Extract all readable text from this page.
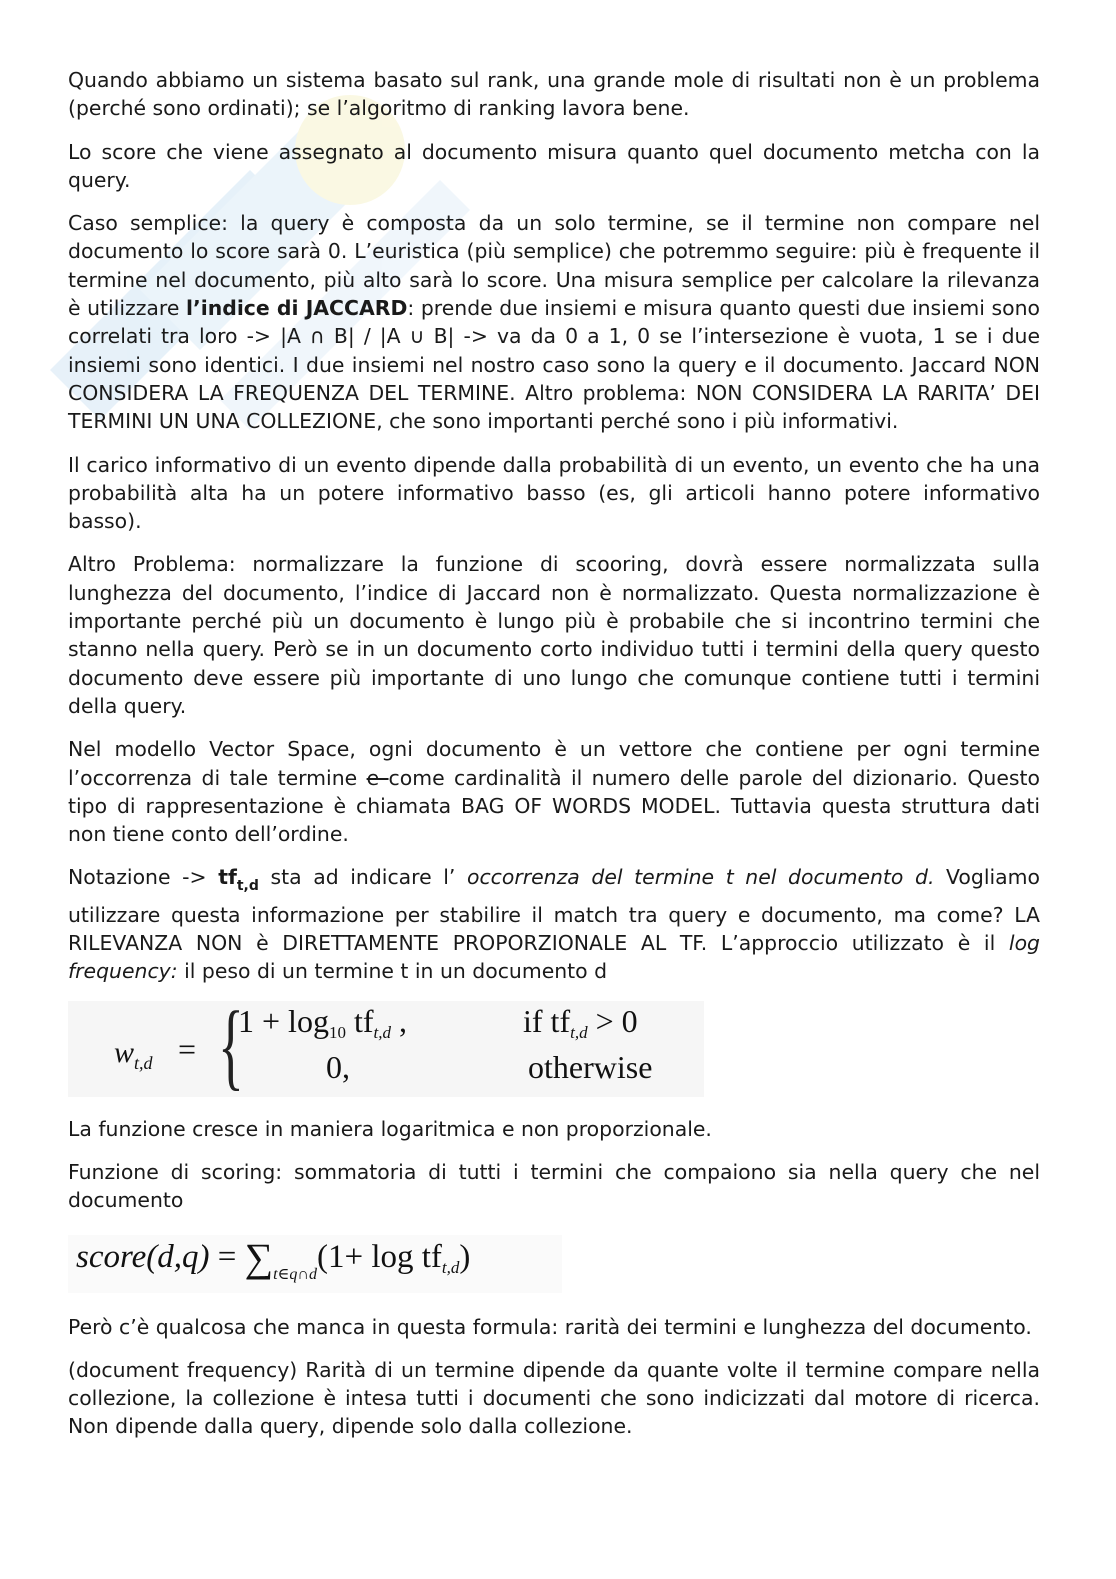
Quando abbiamo un sistema basato sul rank, una grande mole di risultati non è un problema (perché sono ordinati); se l’algoritmo di ranking lavora bene.

Lo score che viene assegnato al documento misura quanto quel documento metcha con la query.

Caso semplice: la query è composta da un solo termine, se il termine non compare nel documento lo score sarà 0. L’euristica (più semplice) che potremmo seguire: più è frequente il termine nel documento, più alto sarà lo score. Una misura semplice per calcolare la rilevanza è utilizzare l’indice di JACCARD: prende due insiemi e misura quanto questi due insiemi sono correlati tra loro -> |A ∩ B| / |A ∪ B| -> va da 0 a 1, 0 se l’intersezione è vuota, 1 se i due insiemi sono identici. I due insiemi nel nostro caso sono la query e il documento. Jaccard NON CONSIDERA LA FREQUENZA DEL TERMINE. Altro problema: NON CONSIDERA LA RARITA’ DEI TERMINI UN UNA COLLEZIONE, che sono importanti perché sono i più informativi.

Il carico informativo di un evento dipende dalla probabilità di un evento, un evento che ha una probabilità alta ha un potere informativo basso (es, gli articoli hanno potere informativo basso).

Altro Problema: normalizzare la funzione di scooring, dovrà essere normalizzata sulla lunghezza del documento, l’indice di Jaccard non è normalizzato. Questa normalizzazione è importante perché più un documento è lungo più è probabile che si incontrino termini che stanno nella query. Però se in un documento corto individuo tutti i termini della query questo documento deve essere più importante di uno lungo che comunque contiene tutti i termini della query.

Nel modello Vector Space, ogni documento è un vettore che contiene per ogni termine l’occorrenza di tale termine e come cardinalità il numero delle parole del dizionario. Questo tipo di rappresentazione è chiamata BAG OF WORDS MODEL. Tuttavia questa struttura dati non tiene conto dell’ordine.

Notazione -> $tf_{t,d}$ sta ad indicare l’ occorrenza del termine t nel documento d. Vogliamo utilizzare questa informazione per stabilire il match tra query e documento, ma come? LA RILEVANZA NON è DIRETTAMENTE PROPORZIONALE AL TF. L’approccio utilizzato è il log frequency: il peso di un termine t in un documento d

$w_{t,d}$ = {
1 + log10 tft,d ,	if tft,d > 0
0,	otherwise

La funzione cresce in maniera logaritmica e non proporzionale.

Funzione di scoring: sommatoria di tutti i termini che compaiono sia nella query che nel documento

score(d,q) = $\sum_{t\in q\cap d}(1+ \log tft,d)$

Però c’è qualcosa che manca in questa formula: rarità dei termini e lunghezza del documento.

(document frequency) Rarità di un termine dipende da quante volte il termine compare nella collezione, la collezione è intesa tutti i documenti che sono indicizzati dal motore di ricerca. Non dipende dalla query, dipende solo dalla collezione.
